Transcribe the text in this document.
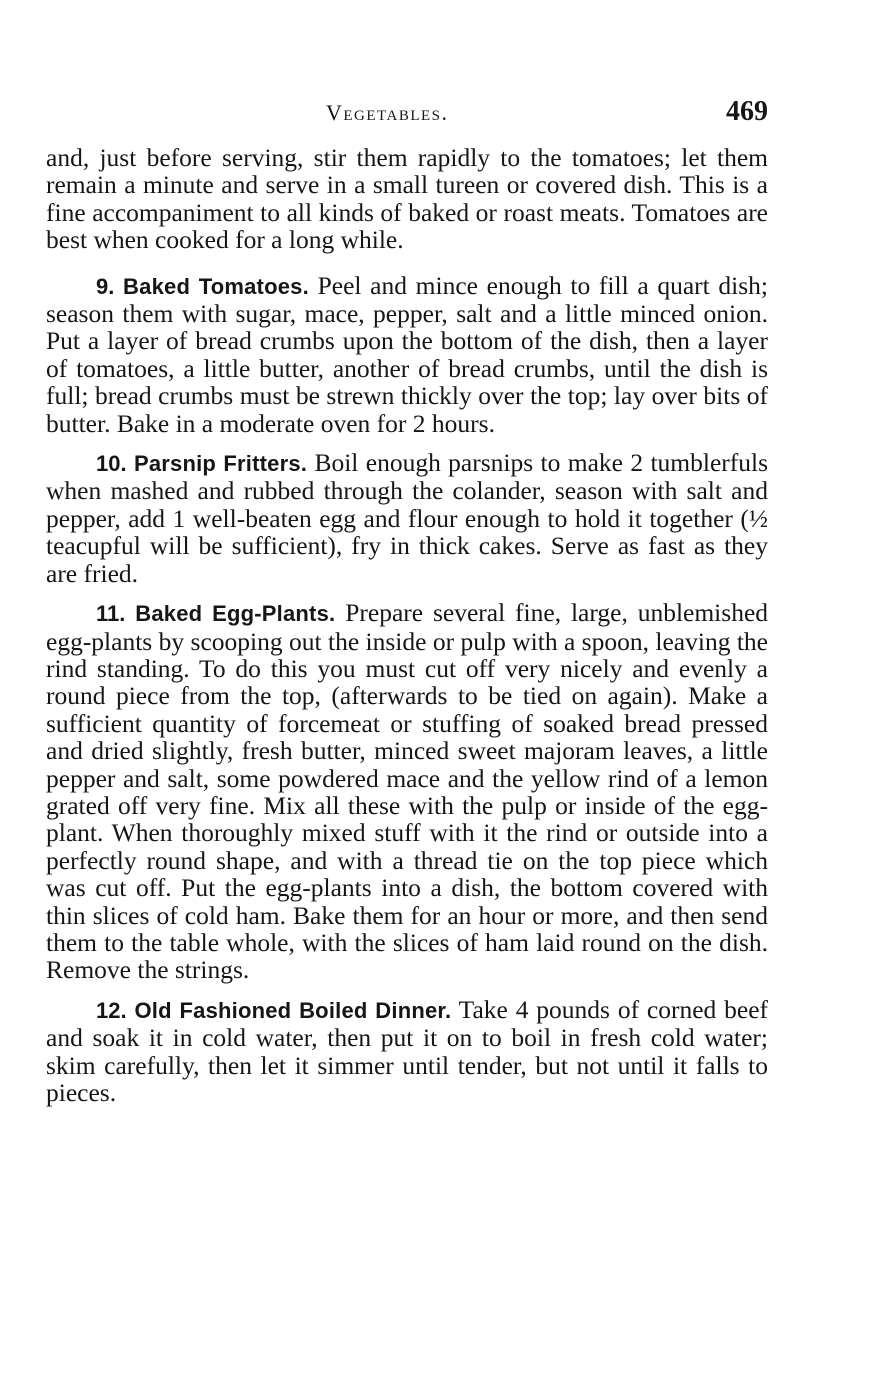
Vegetables.	469

and, just before serving, stir them rapidly to the tomatoes; let them remain a minute and serve in a small tureen or covered dish. This is a fine accompaniment to all kinds of baked or roast meats. Tomatoes are best when cooked for a long while.

9. Baked Tomatoes. Peel and mince enough to fill a quart dish; season them with sugar, mace, pepper, salt and a little minced onion. Put a layer of bread crumbs upon the bottom of the dish, then a layer of tomatoes, a little butter, another of bread crumbs, until the dish is full; bread crumbs must be strewn thickly over the top; lay over bits of butter. Bake in a moderate oven for 2 hours.

10. Parsnip Fritters. Boil enough parsnips to make 2 tumblerfuls when mashed and rubbed through the colander, season with salt and pepper, add 1 well-beaten egg and flour enough to hold it together (½ teacupful will be sufficient), fry in thick cakes. Serve as fast as they are fried.

11. Baked Egg-Plants. Prepare several fine, large, unblemished egg-plants by scooping out the inside or pulp with a spoon, leaving the rind standing. To do this you must cut off very nicely and evenly a round piece from the top, (afterwards to be tied on again). Make a sufficient quantity of forcemeat or stuffing of soaked bread pressed and dried slightly, fresh butter, minced sweet majoram leaves, a little pepper and salt, some powdered mace and the yellow rind of a lemon grated off very fine. Mix all these with the pulp or inside of the egg-plant. When thoroughly mixed stuff with it the rind or outside into a perfectly round shape, and with a thread tie on the top piece which was cut off. Put the egg-plants into a dish, the bottom covered with thin slices of cold ham. Bake them for an hour or more, and then send them to the table whole, with the slices of ham laid round on the dish. Remove the strings.

12. Old Fashioned Boiled Dinner. Take 4 pounds of corned beef and soak it in cold water, then put it on to boil in fresh cold water; skim carefully, then let it simmer until tender, but not until it falls to pieces.
